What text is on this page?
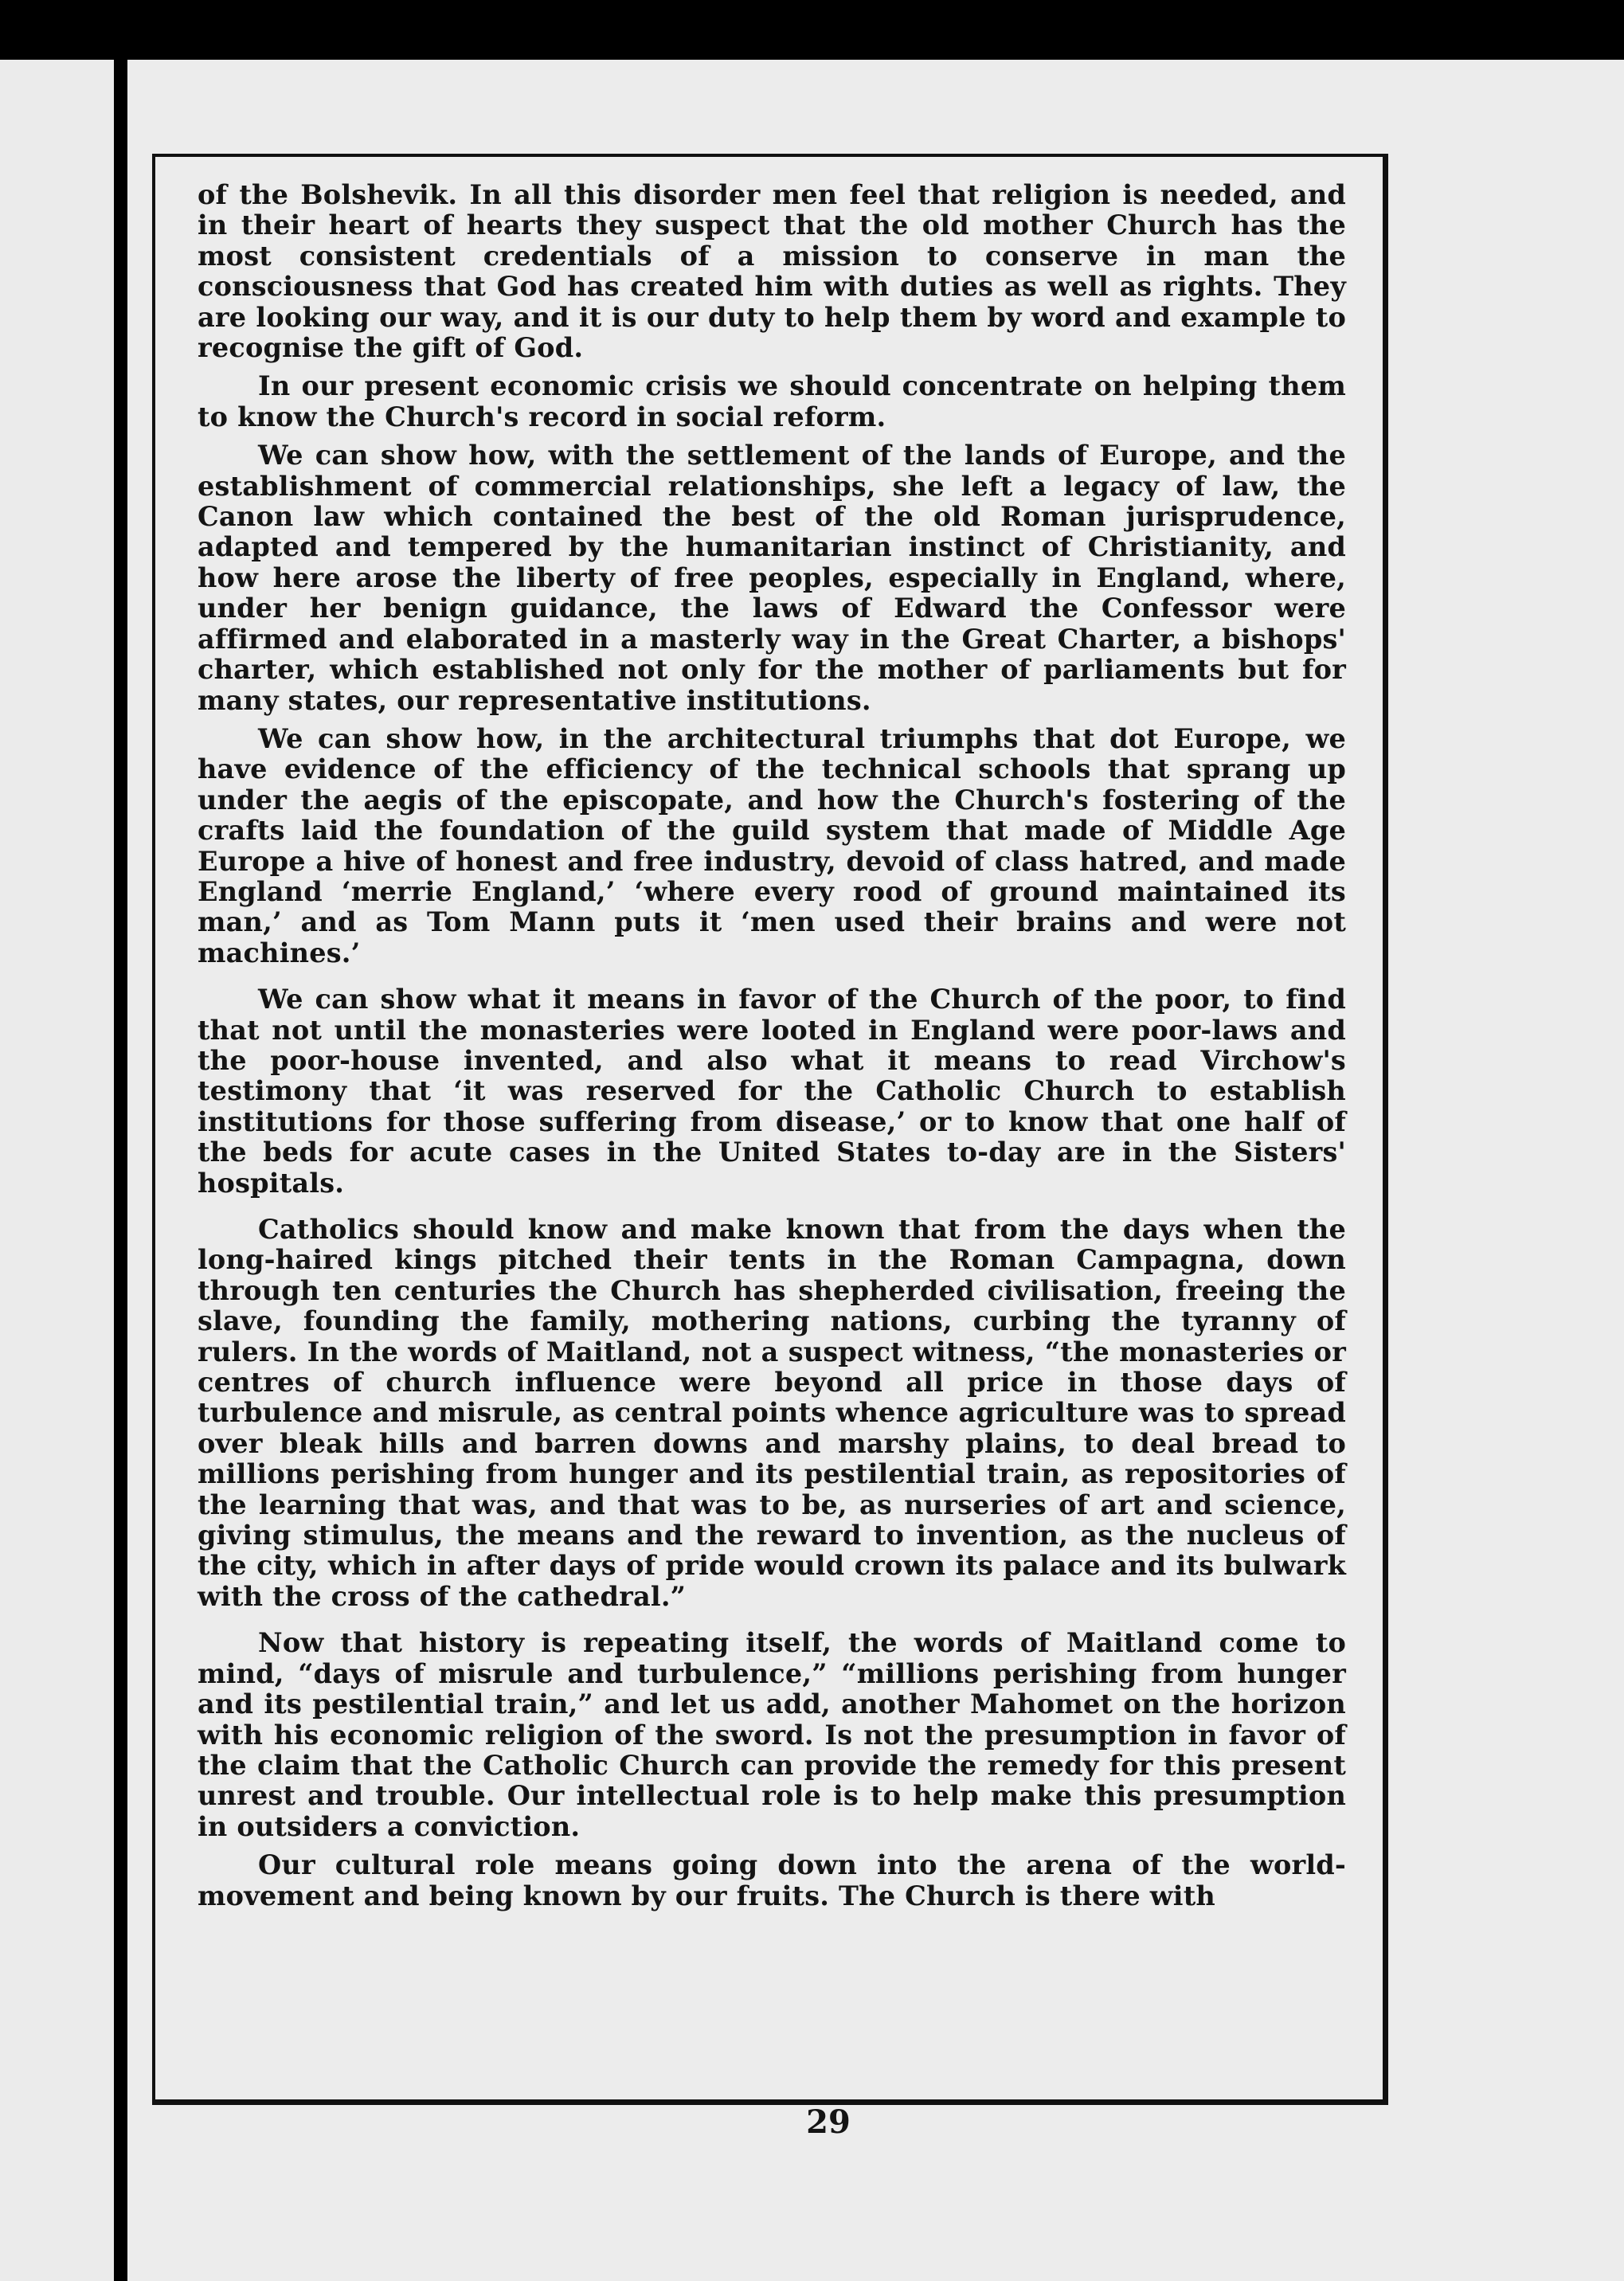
of the Bolshevik. In all this disorder men feel that religion is needed, and in their heart of hearts they suspect that the old mother Church has the most consistent credentials of a mission to conserve in man the consciousness that God has created him with duties as well as rights. They are looking our way, and it is our duty to help them by word and example to recognise the gift of God.

In our present economic crisis we should concentrate on helping them to know the Church's record in social reform.

We can show how, with the settlement of the lands of Europe, and the establishment of commercial relationships, she left a legacy of law, the Canon law which contained the best of the old Roman jurisprudence, adapted and tempered by the humanitarian instinct of Christianity, and how here arose the liberty of free peoples, especially in England, where, under her benign guidance, the laws of Edward the Confessor were affirmed and elaborated in a masterly way in the Great Charter, a bishops' charter, which established not only for the mother of parliaments but for many states, our representative institutions.

We can show how, in the architectural triumphs that dot Europe, we have evidence of the efficiency of the technical schools that sprang up under the aegis of the episcopate, and how the Church's fostering of the crafts laid the foundation of the guild system that made of Middle Age Europe a hive of honest and free industry, devoid of class hatred, and made England ‘merrie England,’ ‘where every rood of ground maintained its man,’ and as Tom Mann puts it ‘men used their brains and were not machines.’

We can show what it means in favor of the Church of the poor, to find that not until the monasteries were looted in England were poor-laws and the poor-house invented, and also what it means to read Virchow's testimony that ‘it was reserved for the Catholic Church to establish institutions for those suffering from disease,’ or to know that one half of the beds for acute cases in the United States to-day are in the Sisters' hospitals.

Catholics should know and make known that from the days when the long-haired kings pitched their tents in the Roman Campagna, down through ten centuries the Church has shepherded civilisation, freeing the slave, founding the family, mothering nations, curbing the tyranny of rulers. In the words of Maitland, not a suspect witness, “the monasteries or centres of church influence were beyond all price in those days of turbulence and misrule, as central points whence agriculture was to spread over bleak hills and barren downs and marshy plains, to deal bread to millions perishing from hunger and its pestilential train, as repositories of the learning that was, and that was to be, as nurseries of art and science, giving stimulus, the means and the reward to invention, as the nucleus of the city, which in after days of pride would crown its palace and its bulwark with the cross of the cathedral.”

Now that history is repeating itself, the words of Maitland come to mind, “days of misrule and turbulence,” “millions perishing from hunger and its pestilential train,” and let us add, another Mahomet on the horizon with his economic religion of the sword. Is not the presumption in favor of the claim that the Catholic Church can provide the remedy for this present unrest and trouble. Our intellectual role is to help make this presumption in outsiders a conviction.

Our cultural role means going down into the arena of the world-movement and being known by our fruits. The Church is there with

29
